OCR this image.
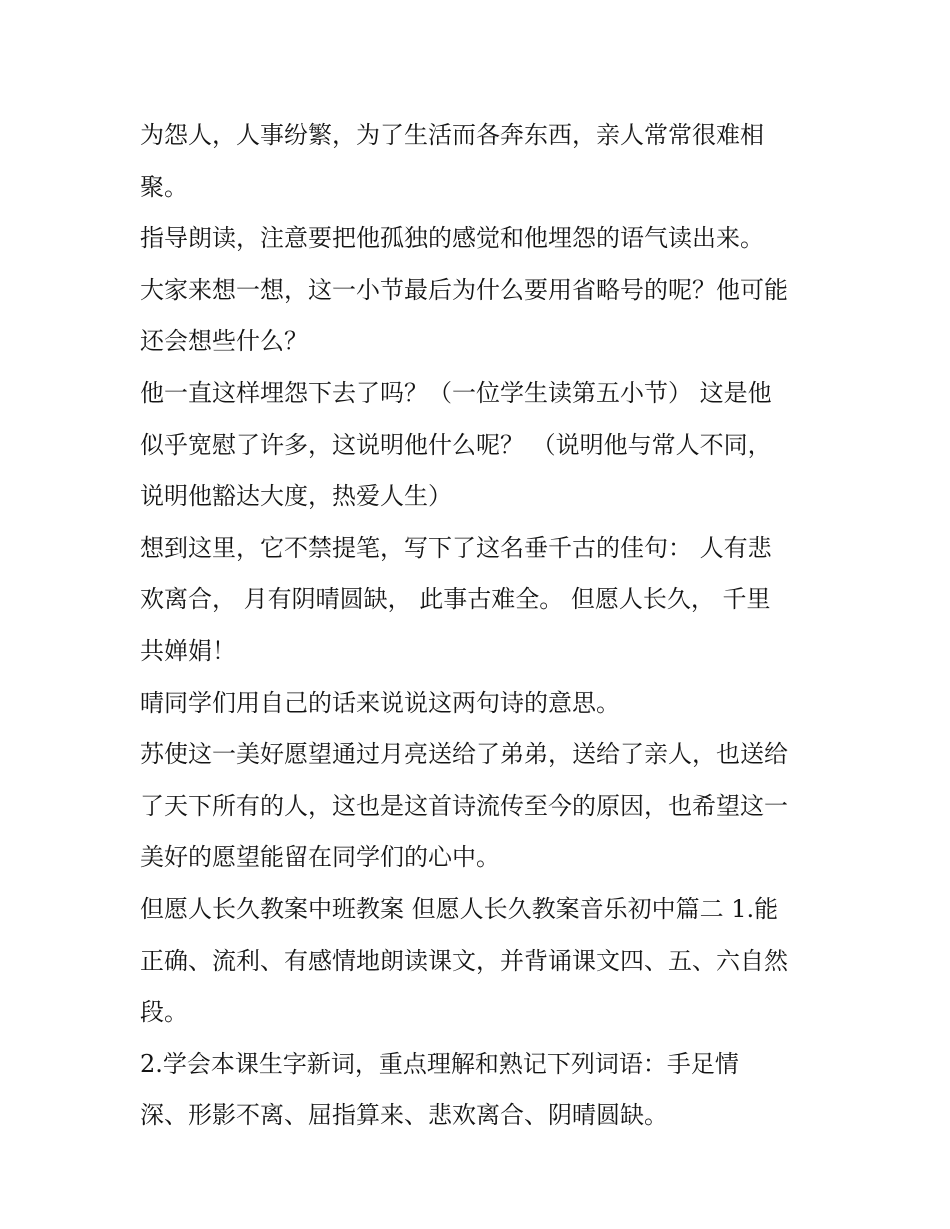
为怨人，人事纷繁，为了生活而各奔东西，亲人常常很难相
聚。
指导朗读，注意要把他孤独的感觉和他埋怨的语气读出来。
大家来想一想，这一小节最后为什么要用省略号的呢？他可能
还会想些什么？
他一直这样埋怨下去了吗？（一位学生读第五小节） 这是他
似乎宽慰了许多，这说明他什么呢？ （说明他与常人不同，
说明他豁达大度，热爱人生）
想到这里，它不禁提笔，写下了这名垂千古的佳句： 人有悲
欢离合， 月有阴晴圆缺， 此事古难全。 但愿人长久， 千里
共婵娟！
晴同学们用自己的话来说说这两句诗的意思。
苏使这一美好愿望通过月亮送给了弟弟，送给了亲人，也送给
了天下所有的人，这也是这首诗流传至今的原因，也希望这一
美好的愿望能留在同学们的心中。
但愿人长久教案中班教案 但愿人长久教案音乐初中篇二 1.能
正确、流利、有感情地朗读课文，并背诵课文四、五、六自然
段。
2.学会本课生字新词，重点理解和熟记下列词语：手足情
深、形影不离、屈指算来、悲欢离合、阴晴圆缺。
